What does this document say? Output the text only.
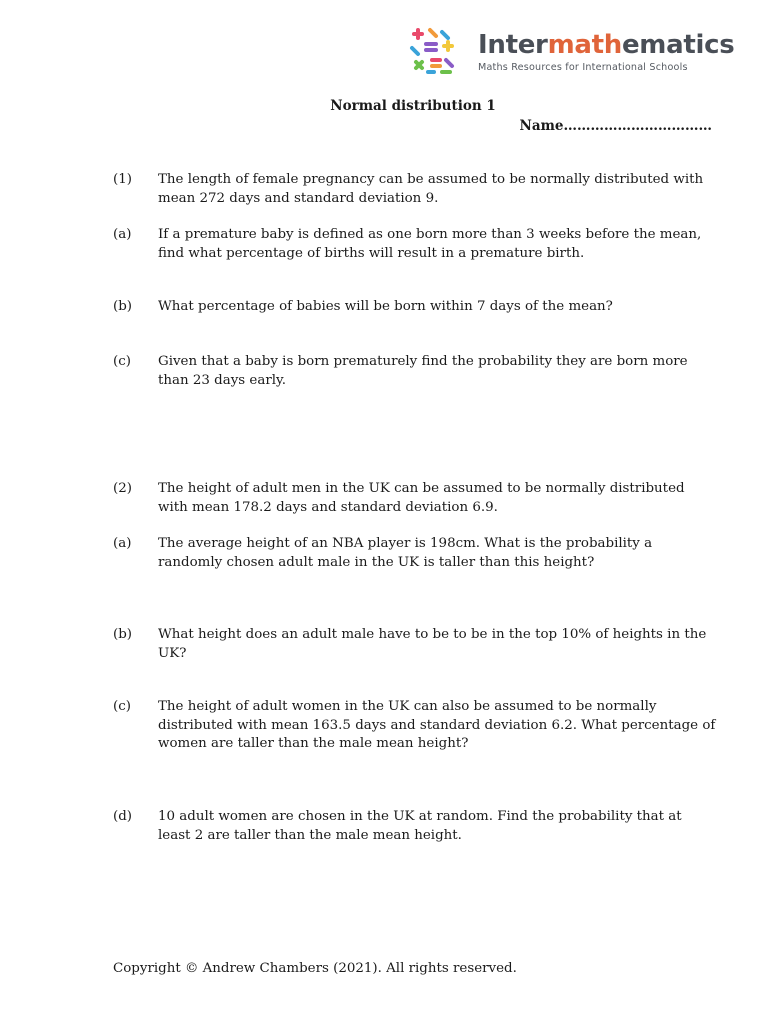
Intermathematics
Maths Resources for International Schools
Normal distribution 1
Name……………………………
(1) The length of female pregnancy can be assumed to be normally distributed with mean 272 days and standard deviation 9.
(a) If a premature baby is defined as one born more than 3 weeks before the mean, find what percentage of births will result in a premature birth.
(b) What percentage of babies will be born within 7 days of the mean?
(c) Given that a baby is born prematurely find the probability they are born more than 23 days early.
(2) The height of adult men in the UK can be assumed to be normally distributed with mean 178.2 days and standard deviation 6.9.
(a) The average height of an NBA player is 198cm. What is the probability a randomly chosen adult male in the UK is taller than this height?
(b) What height does an adult male have to be to be in the top 10% of heights in the UK?
(c) The height of adult women in the UK can also be assumed to be normally distributed with mean 163.5 days and standard deviation 6.2. What percentage of women are taller than the male mean height?
(d) 10 adult women are chosen in the UK at random. Find the probability that at least 2 are taller than the male mean height.
Copyright © Andrew Chambers (2021). All rights reserved.
